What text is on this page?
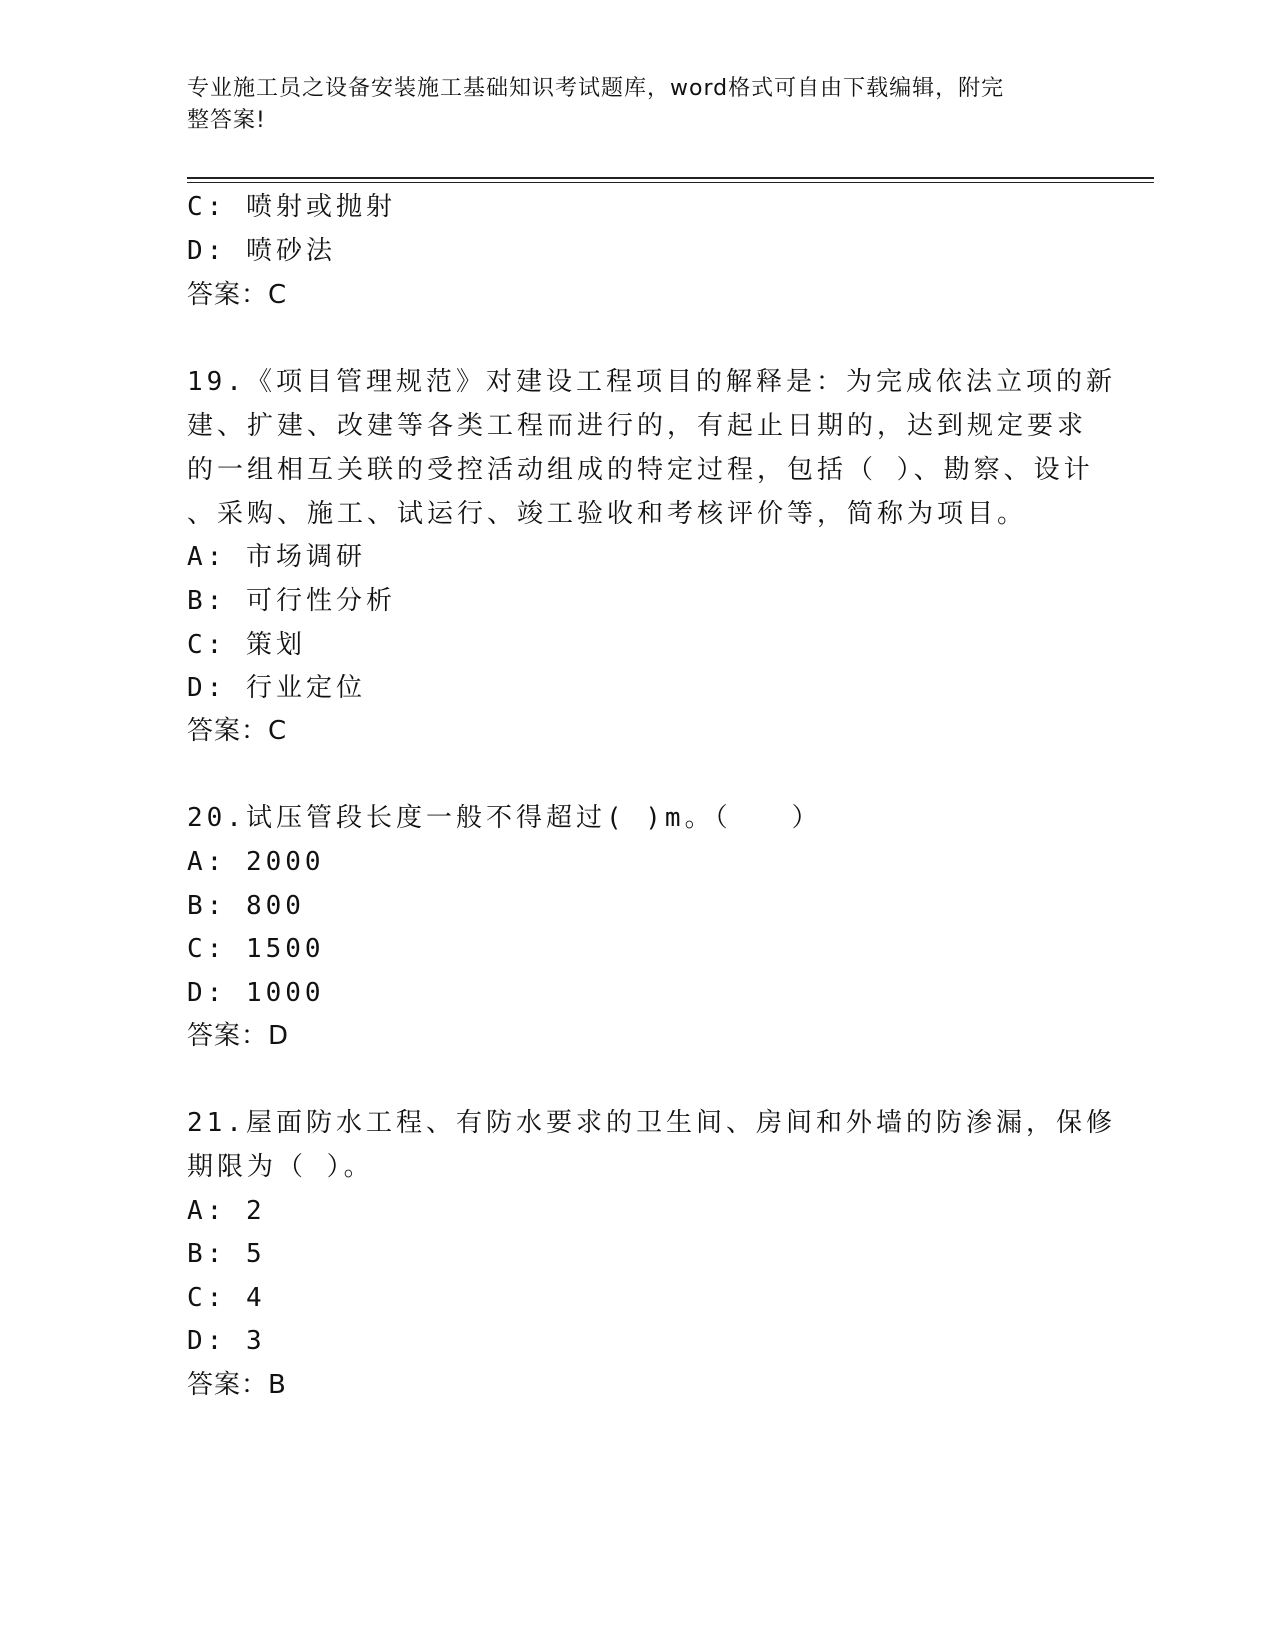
专业施工员之设备安装施工基础知识考试题库，word格式可自由下载编辑，附完
整答案!
C: 喷射或抛射
D: 喷砂法
答案：C
19.《项目管理规范》对建设工程项目的解释是：为完成依法立项的新
建、扩建、改建等各类工程而进行的，有起止日期的，达到规定要求
的一组相互关联的受控活动组成的特定过程，包括（ ）、勘察、设计
、采购、施工、试运行、竣工验收和考核评价等，简称为项目。
A: 市场调研
B: 可行性分析
C: 策划
D: 行业定位
答案：C
20.试压管段长度一般不得超过( )m。（　　）
A: 2000
B: 800
C: 1500
D: 1000
答案：D
21.屋面防水工程、有防水要求的卫生间、房间和外墙的防渗漏，保修
期限为（ ）。
A: 2
B: 5
C: 4
D: 3
答案：B
